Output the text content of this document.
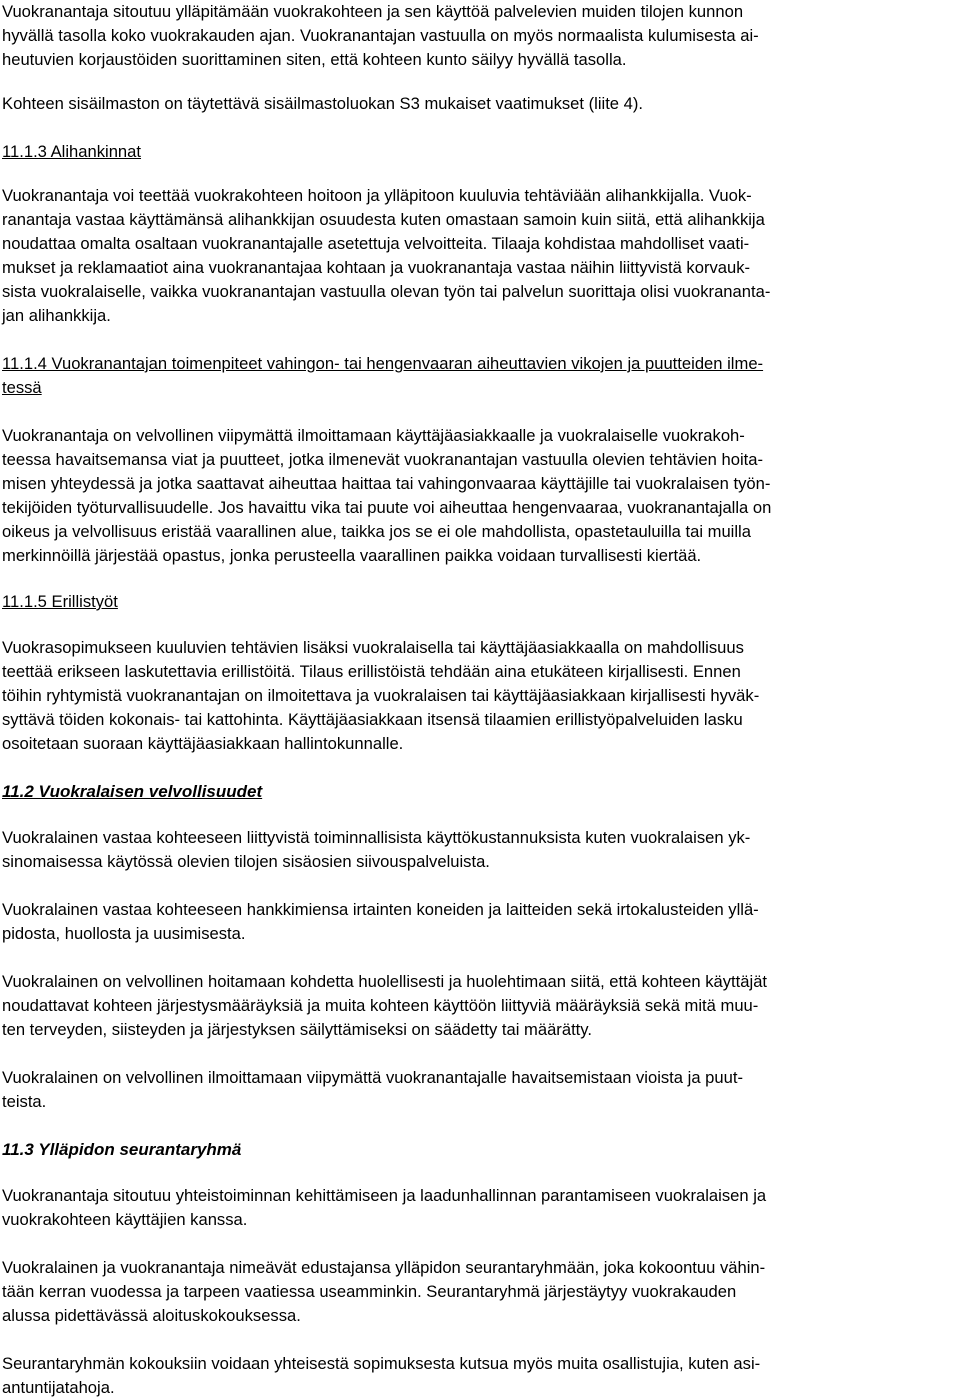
Vuokranantaja sitoutuu ylläpitämään vuokrakohteen ja sen käyttöä palvelevien muiden tilojen kunnon
hyvällä tasolla koko vuokrakauden ajan. Vuokranantajan vastuulla on myös normaalista kulumisesta ai-
heutuvien korjaustöiden suorittaminen siten, että kohteen kunto säilyy hyvällä tasolla.
Kohteen sisäilmaston on täytettävä sisäilmastoluokan S3 mukaiset vaatimukset (liite 4).
11.1.3 Alihankinnat
Vuokranantaja voi teettää vuokrakohteen hoitoon ja ylläpitoon kuuluvia tehtäviään alihankkijalla. Vuok-
ranantaja vastaa käyttämänsä alihankkijan osuudesta kuten omastaan samoin kuin siitä, että alihankkija
noudattaa omalta osaltaan vuokranantajalle asetettuja velvoitteita. Tilaaja kohdistaa mahdolliset vaati-
mukset ja reklamaatiot aina vuokranantajaa kohtaan ja vuokranantaja vastaa näihin liittyvistä korvauk-
sista vuokralaiselle, vaikka vuokranantajan vastuulla olevan työn tai palvelun suorittaja olisi vuokrananta-
jan alihankkija.
11.1.4 Vuokranantajan toimenpiteet vahingon- tai hengenvaaran aiheuttavien vikojen ja puutteiden ilme-
tessä
Vuokranantaja on velvollinen viipymättä ilmoittamaan käyttäjäasiakkaalle ja vuokralaiselle vuokrakoh-
teessa havaitsemansa viat ja puutteet, jotka ilmenevät vuokranantajan vastuulla olevien tehtävien hoita-
misen yhteydessä ja jotka saattavat aiheuttaa haittaa tai vahingonvaaraa käyttäjille tai vuokralaisen työn-
tekijöiden työturvallisuudelle. Jos havaittu vika tai puute voi aiheuttaa hengenvaaraa, vuokranantajalla on
oikeus ja velvollisuus eristää vaarallinen alue, taikka jos se ei ole mahdollista, opastetauluilla tai muilla
merkinnöillä järjestää opastus, jonka perusteella vaarallinen paikka voidaan turvallisesti kiertää.
11.1.5 Erillistyöt
Vuokrasopimukseen kuuluvien tehtävien lisäksi vuokralaisella tai käyttäjäasiakkaalla on mahdollisuus
teettää erikseen laskutettavia erillistöitä. Tilaus erillistöistä tehdään aina etukäteen kirjallisesti. Ennen
töihin ryhtymistä vuokranantajan on ilmoitettava ja vuokralaisen tai käyttäjäasiakkaan kirjallisesti hyväk-
syttävä töiden kokonais- tai kattohinta. Käyttäjäasiakkaan itsensä tilaamien erillistyöpalveluiden lasku
osoitetaan suoraan käyttäjäasiakkaan hallintokunnalle.
11.2 Vuokralaisen velvollisuudet
Vuokralainen vastaa kohteeseen liittyvistä toiminnallisista käyttökustannuksista kuten vuokralaisen yk-
sinomaisessa käytössä olevien tilojen sisäosien siivouspalveluista.
Vuokralainen vastaa kohteeseen hankkimiensa irtainten koneiden ja laitteiden sekä irtokalusteiden yllä-
pidosta, huollosta ja uusimisesta.
Vuokralainen on velvollinen hoitamaan kohdetta huolellisesti ja huolehtimaan siitä, että kohteen käyttäjät
noudattavat kohteen järjestysmääräyksiä ja muita kohteen käyttöön liittyviä määräyksiä sekä mitä muu-
ten terveyden, siisteyden ja järjestyksen säilyttämiseksi on säädetty tai määrätty.
Vuokralainen on velvollinen ilmoittamaan viipymättä vuokranantajalle havaitsemistaan vioista ja puut-
teista.
11.3 Ylläpidon seurantaryhmä
Vuokranantaja sitoutuu yhteistoiminnan kehittämiseen ja laadunhallinnan parantamiseen vuokralaisen ja
vuokrakohteen käyttäjien kanssa.
Vuokralainen ja vuokranantaja nimeävät edustajansa ylläpidon seurantaryhmään, joka kokoontuu vähin-
tään kerran vuodessa ja tarpeen vaatiessa useamminkin. Seurantaryhmä järjestäytyy vuokrakauden
alussa pidettävässä aloituskokouksessa.
Seurantaryhmän kokouksiin voidaan yhteisestä sopimuksesta kutsua myös muita osallistujia, kuten asi-
antuntijatahoja.
